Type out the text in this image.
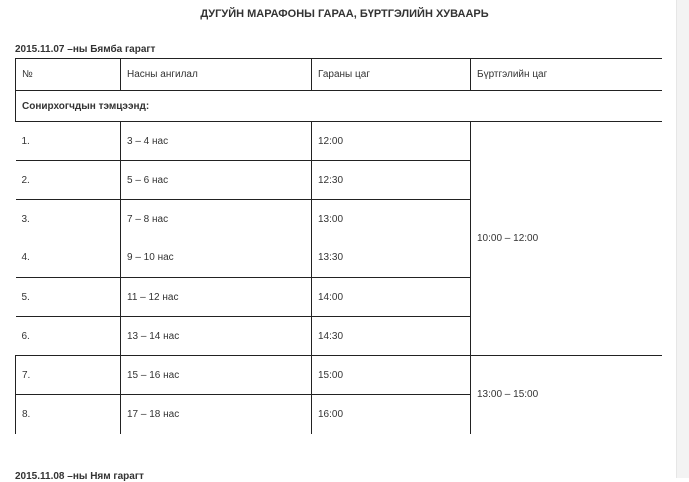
ДУГУЙН МАРАФОНЫ ГАРАА, БҮРТГЭЛИЙН ХУВААРЬ
2015.11.07 –ны Бямба гарагт
№	Насны ангилал	Гараны цаг	Бүртгэлийн цаг
Сонирхогчдын тэмцээнд:			
1.	3 – 4 нас	12:00	10:00 – 12:00
2.	5 – 6 нас	12:30	
3.	7 – 8 нас	13:00	
4.	9 – 10 нас	13:30	
5.	11 – 12 нас	14:00	
6.	13 – 14 нас	14:30	
7.	15 – 16 нас	15:00	13:00 – 15:00
8.	17 – 18 нас	16:00	
2015.11.08 –ны Ням гарагт
